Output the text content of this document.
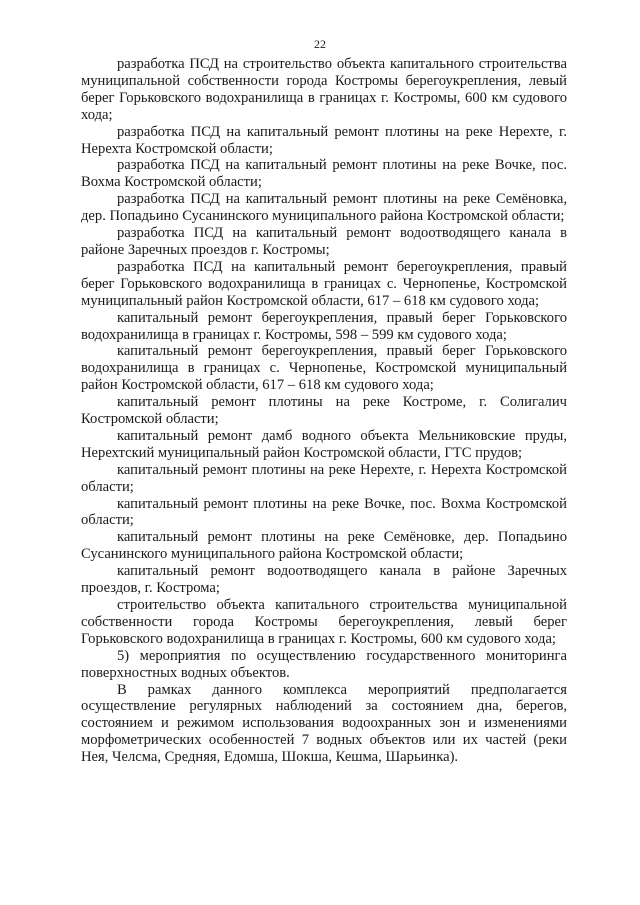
22

разработка ПСД на строительство объекта капитального строительства муниципальной собственности города Костромы берегоукрепления, левый берег Горьковского водохранилища в границах г. Костромы, 600 км судового хода;

разработка ПСД на капитальный ремонт плотины на реке Нерехте, г. Нерехта Костромской области;

разработка ПСД на капитальный ремонт плотины на реке Вочке, пос. Вохма Костромской области;

разработка ПСД на капитальный ремонт плотины на реке Семёновка, дер. Попадьино Сусанинского муниципального района Костромской области;

разработка ПСД на капитальный ремонт водоотводящего канала в районе Заречных проездов г. Костромы;

разработка ПСД на капитальный ремонт берегоукрепления, правый берег Горьковского водохранилища в границах с. Чернопенье, Костромской муниципальный район Костромской области, 617 – 618 км судового хода;

капитальный ремонт берегоукрепления, правый берег Горьковского водохранилища в границах г. Костромы, 598 – 599 км судового хода;

капитальный ремонт берегоукрепления, правый берег Горьковского водохранилища в границах с. Чернопенье, Костромской муниципальный район Костромской области, 617 – 618 км судового хода;

капитальный ремонт плотины на реке Костроме, г. Солигалич Костромской области;

капитальный ремонт дамб водного объекта Мельниковские пруды, Нерехтский муниципальный район Костромской области, ГТС прудов;

капитальный ремонт плотины на реке Нерехте, г. Нерехта Костромской области;

капитальный ремонт плотины на реке Вочке, пос. Вохма Костромской области;

капитальный ремонт плотины на реке Семёновке, дер. Попадьино Сусанинского муниципального района Костромской области;

капитальный ремонт водоотводящего канала в районе Заречных проездов, г. Кострома;

строительство объекта капитального строительства муниципальной собственности города Костромы берегоукрепления, левый берег Горьковского водохранилища в границах г. Костромы, 600 км судового хода;

5) мероприятия по осуществлению государственного мониторинга поверхностных водных объектов.

В рамках данного комплекса мероприятий предполагается осуществление регулярных наблюдений за состоянием дна, берегов, состоянием и режимом использования водоохранных зон и изменениями морфометрических особенностей 7 водных объектов или их частей (реки Нея, Челсма, Средняя, Едомша, Шокша, Кешма, Шарьинка).
